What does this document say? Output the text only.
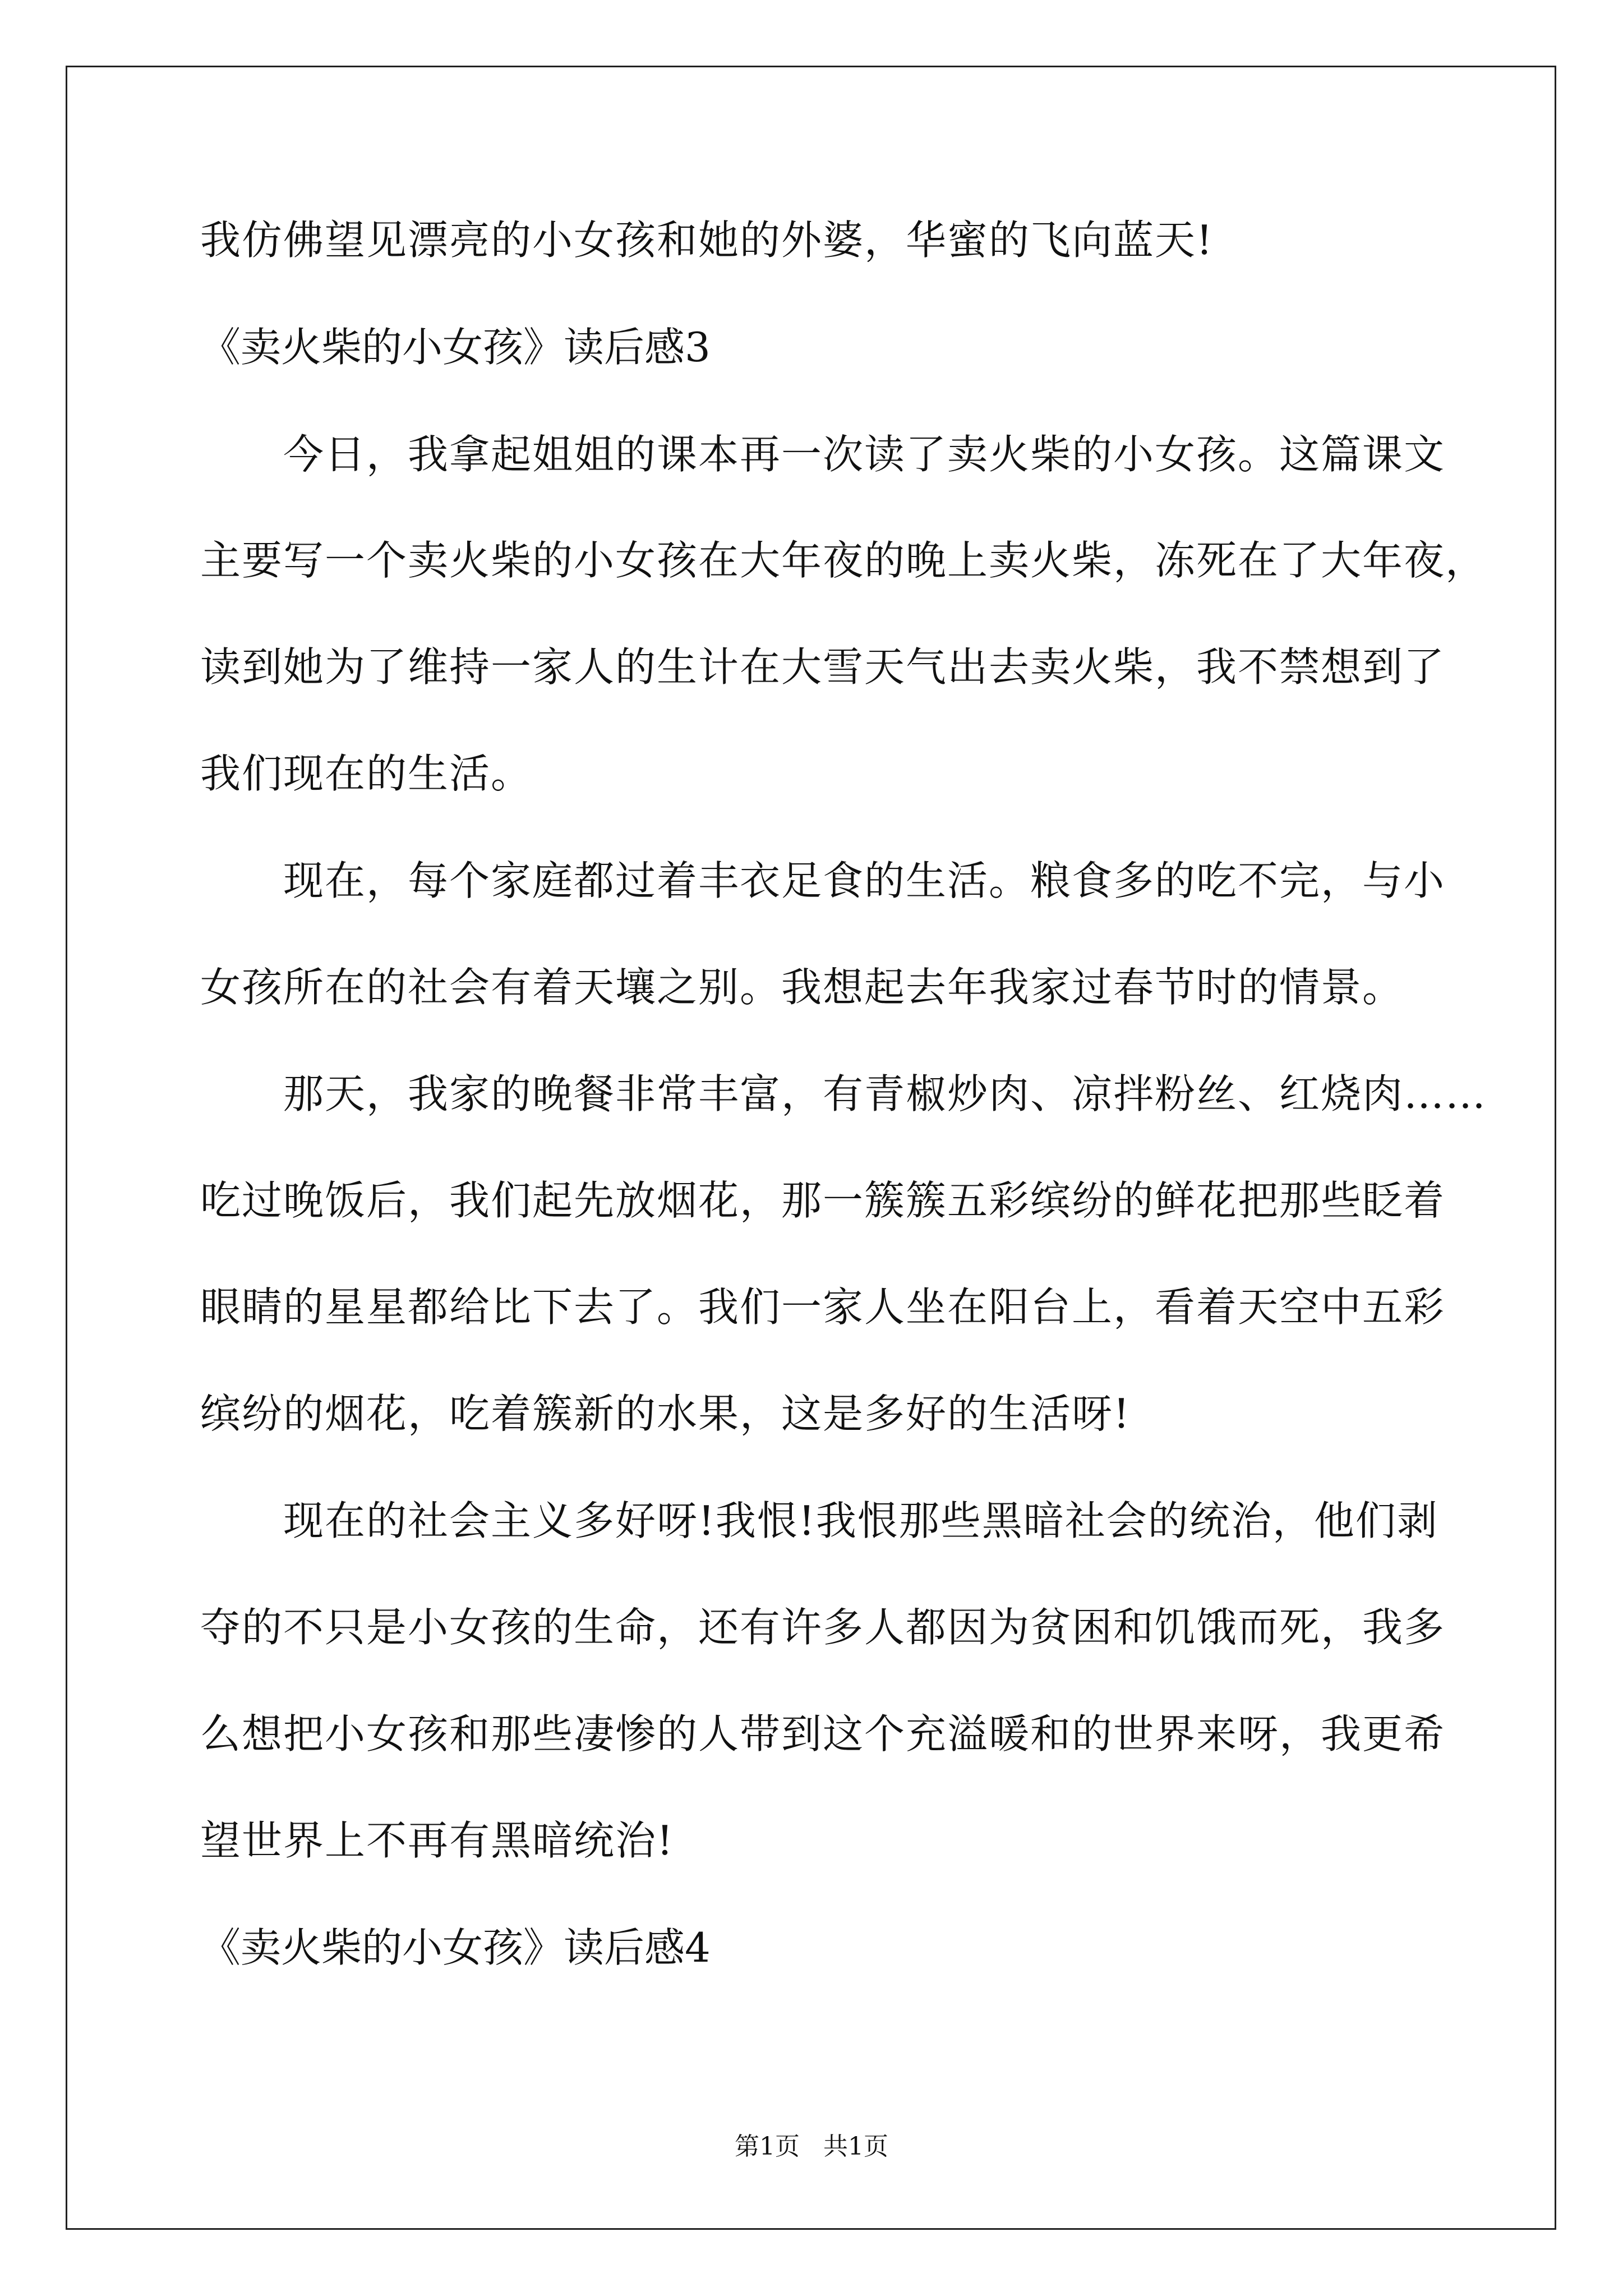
我仿佛望见漂亮的小女孩和她的外婆，华蜜的飞向蓝天!
《卖火柴的小女孩》读后感3
今日，我拿起姐姐的课本再一次读了卖火柴的小女孩。这篇课文
主要写一个卖火柴的小女孩在大年夜的晚上卖火柴，冻死在了大年夜，
读到她为了维持一家人的生计在大雪天气出去卖火柴，我不禁想到了
我们现在的生活。
现在，每个家庭都过着丰衣足食的生活。粮食多的吃不完，与小
女孩所在的社会有着天壤之别。我想起去年我家过春节时的情景。
那天，我家的晚餐非常丰富，有青椒炒肉、凉拌粉丝、红烧肉……
吃过晚饭后，我们起先放烟花，那一簇簇五彩缤纷的鲜花把那些眨着
眼睛的星星都给比下去了。我们一家人坐在阳台上，看着天空中五彩
缤纷的烟花，吃着簇新的水果，这是多好的生活呀!
现在的社会主义多好呀!我恨!我恨那些黑暗社会的统治，他们剥
夺的不只是小女孩的生命，还有许多人都因为贫困和饥饿而死，我多
么想把小女孩和那些凄惨的人带到这个充溢暖和的世界来呀，我更希
望世界上不再有黑暗统治!
《卖火柴的小女孩》读后感4
第1页   共1页
